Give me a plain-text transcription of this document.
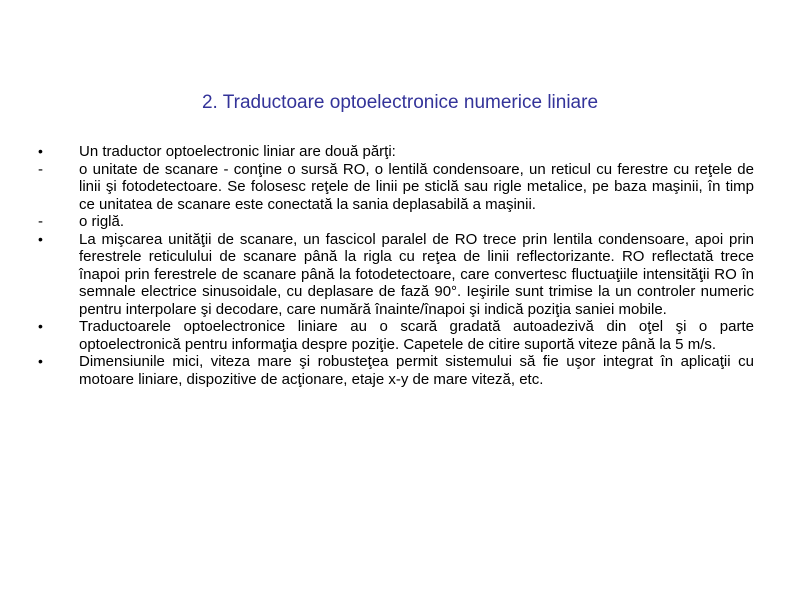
2. Traductoare optoelectronice numerice liniare
•	Un traductor optoelectronic liniar are două părţi:
-	o unitate de scanare - conţine o sursă RO, o lentilă condensoare, un reticul cu ferestre cu reţele de linii şi fotodetectoare. Se folosesc reţele de linii pe sticlă sau rigle metalice, pe baza maşinii, în timp ce unitatea de scanare este conectată la sania deplasabilă a maşinii.
-	o riglă.
•	La mişcarea unităţii de scanare, un fascicol paralel de RO trece prin lentila condensoare, apoi prin ferestrele reticulului de scanare până la rigla cu reţea de linii reflectorizante. RO reflectată trece înapoi prin ferestrele de scanare până la fotodetectoare, care convertesc fluctuaţiile intensităţii RO în semnale electrice sinusoidale, cu deplasare de fază 90°. Ieşirile sunt trimise la un controler numeric pentru interpolare şi decodare, care numără înainte/înapoi şi indică poziţia saniei mobile.
•	Traductoarele optoelectronice liniare au o scară gradată autoadezivă din oţel şi o parte optoelectronică pentru informaţia despre poziţie. Capetele de citire suportă viteze până la 5 m/s.
•	Dimensiunile mici, viteza mare şi robusteţea permit sistemului să fie uşor integrat în aplicaţii cu motoare liniare, dispozitive de acţionare, etaje x-y de mare viteză, etc.
